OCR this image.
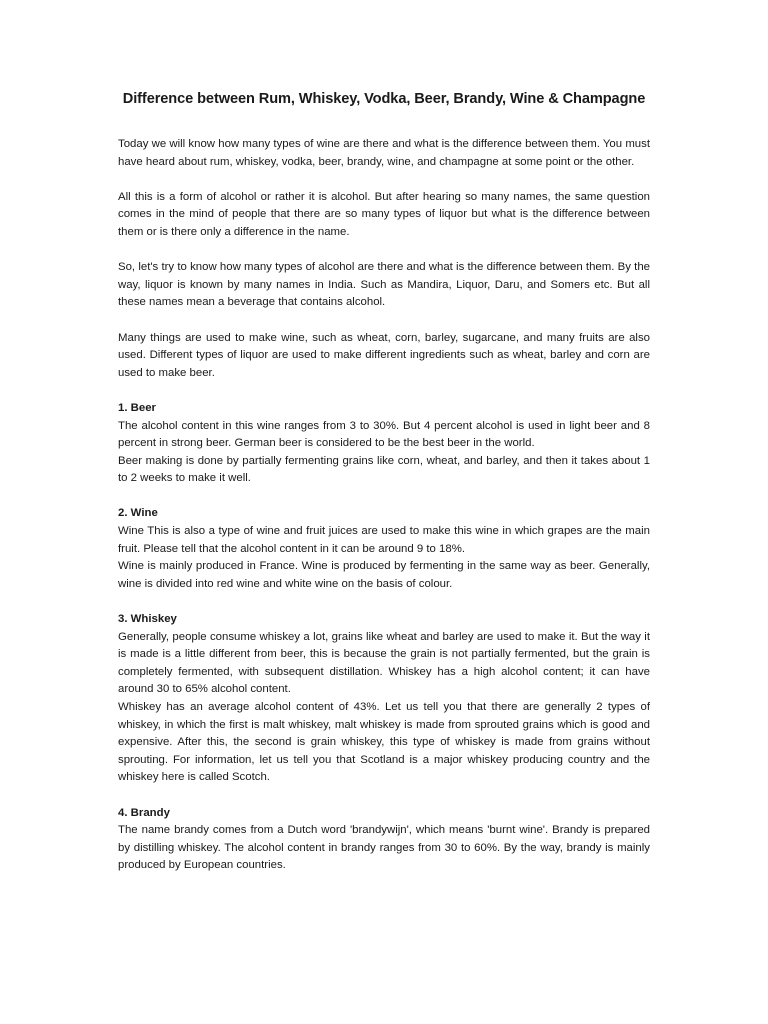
Difference between Rum, Whiskey, Vodka, Beer, Brandy, Wine & Champagne

Today we will know how many types of wine are there and what is the difference between them. You must have heard about rum, whiskey, vodka, beer, brandy, wine, and champagne at some point or the other.

All this is a form of alcohol or rather it is alcohol. But after hearing so many names, the same question comes in the mind of people that there are so many types of liquor but what is the difference between them or is there only a difference in the name.

So, let's try to know how many types of alcohol are there and what is the difference between them. By the way, liquor is known by many names in India. Such as Mandira, Liquor, Daru, and Somers etc. But all these names mean a beverage that contains alcohol.

Many things are used to make wine, such as wheat, corn, barley, sugarcane, and many fruits are also used. Different types of liquor are used to make different ingredients such as wheat, barley and corn are used to make beer.

1. Beer

The alcohol content in this wine ranges from 3 to 30%. But 4 percent alcohol is used in light beer and 8 percent in strong beer. German beer is considered to be the best beer in the world.

Beer making is done by partially fermenting grains like corn, wheat, and barley, and then it takes about 1 to 2 weeks to make it well.

2. Wine

Wine This is also a type of wine and fruit juices are used to make this wine in which grapes are the main fruit. Please tell that the alcohol content in it can be around 9 to 18%.

Wine is mainly produced in France. Wine is produced by fermenting in the same way as beer. Generally, wine is divided into red wine and white wine on the basis of colour.

3. Whiskey

Generally, people consume whiskey a lot, grains like wheat and barley are used to make it. But the way it is made is a little different from beer, this is because the grain is not partially fermented, but the grain is completely fermented, with subsequent distillation. Whiskey has a high alcohol content; it can have around 30 to 65% alcohol content.

Whiskey has an average alcohol content of 43%. Let us tell you that there are generally 2 types of whiskey, in which the first is malt whiskey, malt whiskey is made from sprouted grains which is good and expensive. After this, the second is grain whiskey, this type of whiskey is made from grains without sprouting. For information, let us tell you that Scotland is a major whiskey producing country and the whiskey here is called Scotch.

4. Brandy

The name brandy comes from a Dutch word 'brandywijn', which means 'burnt wine'. Brandy is prepared by distilling whiskey. The alcohol content in brandy ranges from 30 to 60%. By the way, brandy is mainly produced by European countries.
